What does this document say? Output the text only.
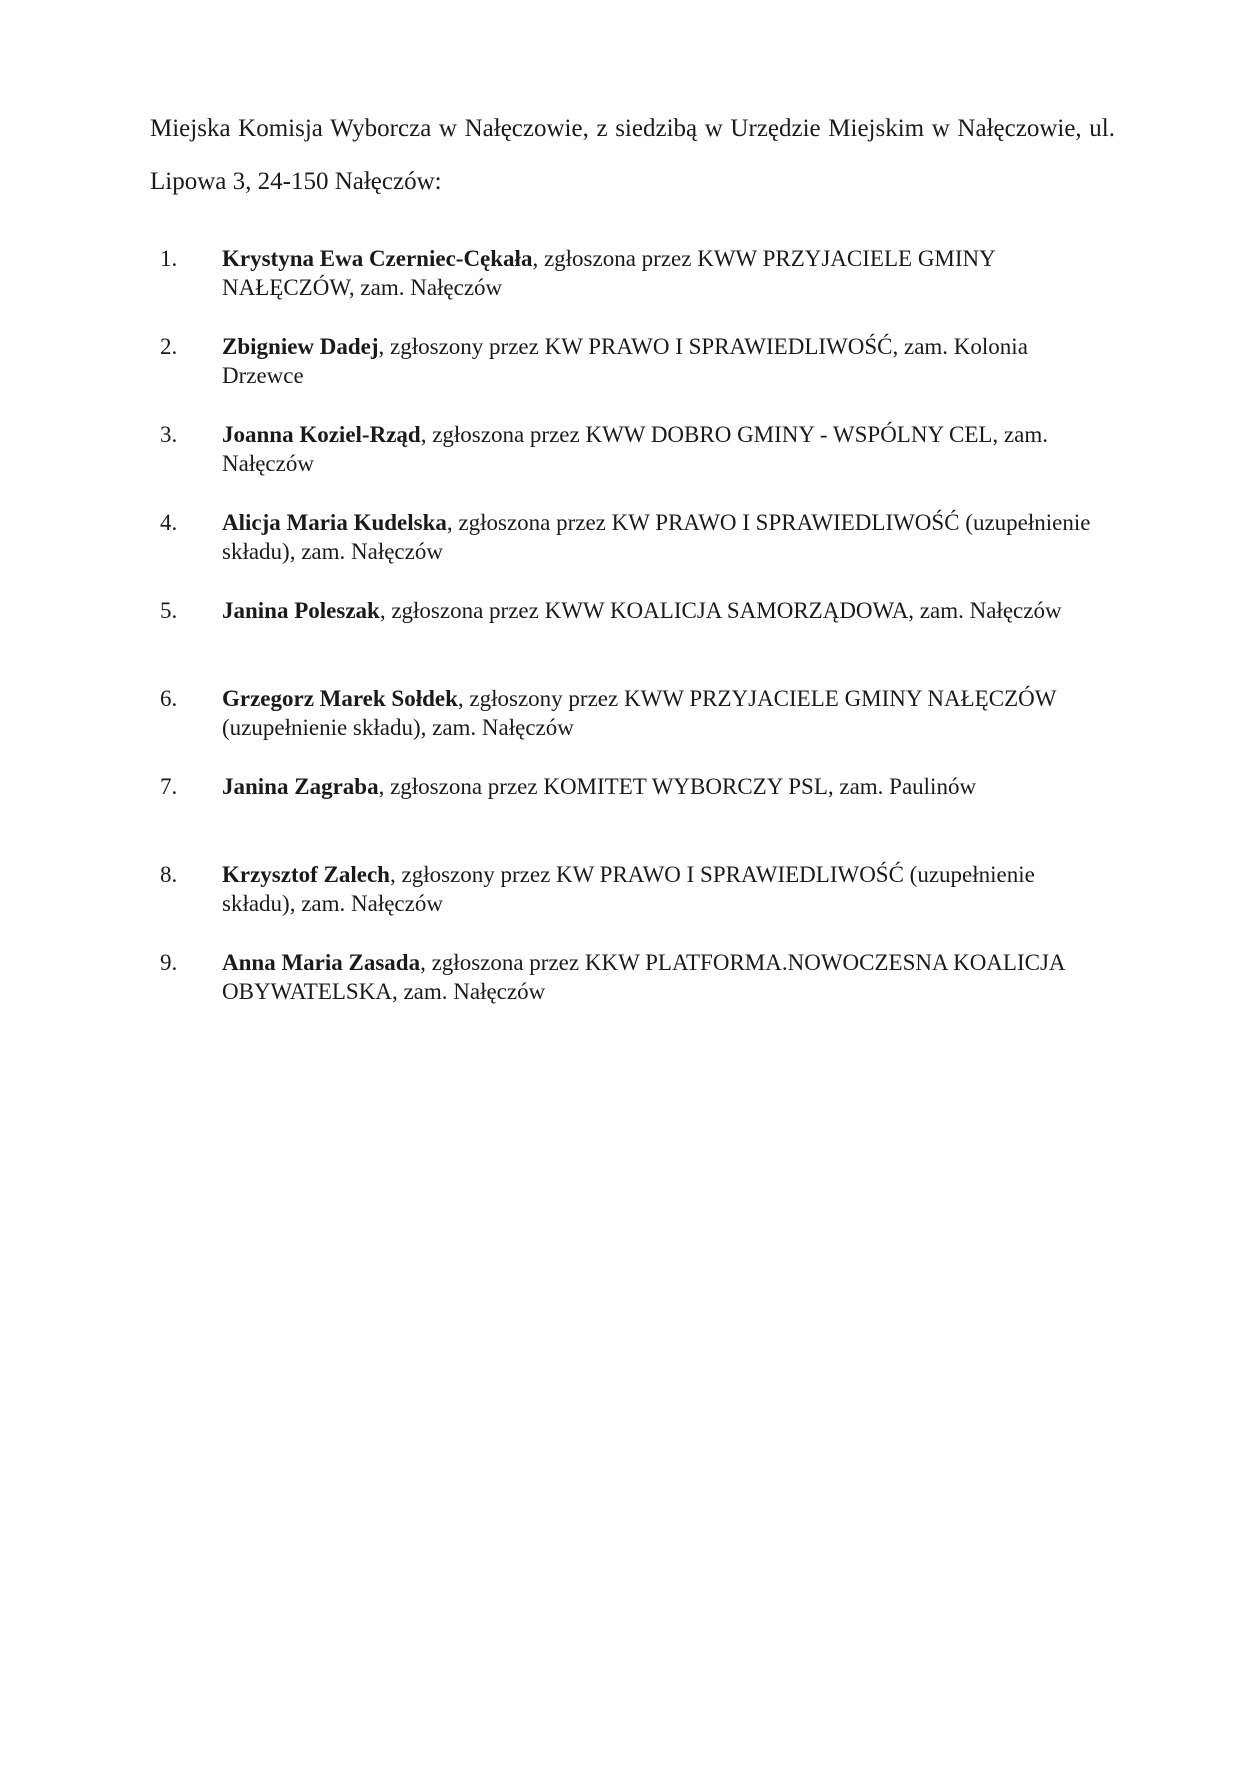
Miejska Komisja Wyborcza w Nałęczowie, z siedzibą w Urzędzie Miejskim w Nałęczowie, ul. Lipowa 3, 24-150 Nałęczów:

1. Krystyna Ewa Czerniec-Cękała, zgłoszona przez KWW PRZYJACIELE GMINY NAŁĘCZÓW, zam. Nałęczów

2. Zbigniew Dadej, zgłoszony przez KW PRAWO I SPRAWIEDLIWOŚĆ, zam. Kolonia Drzewce

3. Joanna Koziel-Rząd, zgłoszona przez KWW DOBRO GMINY - WSPÓLNY CEL, zam. Nałęczów

4. Alicja Maria Kudelska, zgłoszona przez KW PRAWO I SPRAWIEDLIWOŚĆ (uzupełnienie składu), zam. Nałęczów

5. Janina Poleszak, zgłoszona przez KWW KOALICJA SAMORZĄDOWA, zam. Nałęczów

6. Grzegorz Marek Sołdek, zgłoszony przez KWW PRZYJACIELE GMINY NAŁĘCZÓW (uzupełnienie składu), zam. Nałęczów

7. Janina Zagraba, zgłoszona przez KOMITET WYBORCZY PSL, zam. Paulinów

8. Krzysztof Zalech, zgłoszony przez KW PRAWO I SPRAWIEDLIWOŚĆ (uzupełnienie składu), zam. Nałęczów

9. Anna Maria Zasada, zgłoszona przez KKW PLATFORMA.NOWOCZESNA KOALICJA OBYWATELSKA, zam. Nałęczów
